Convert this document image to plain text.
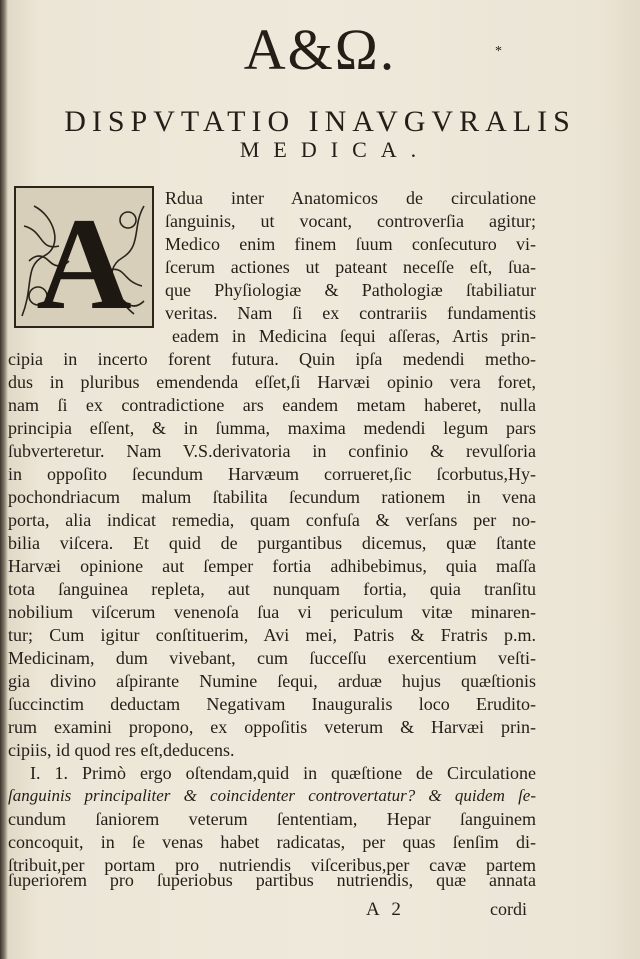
A&Ω.	*
DISPVTATIO INAVGVRALIS
MEDICA.
A Rdua inter Anatomicos de circulatione
ſanguinis, ut vocant, controverſia agitur;
Medico enim finem ſuum conſecuturo vi-
ſcerum actiones ut pateant neceſſe eſt, ſua-
que Phyſiologiæ & Pathologiæ ſtabiliatur
veritas. Nam ſi ex contrariis fundamentis
eadem in Medicina ſequi aſſeras, Artis prin-
cipia in incerto forent futura. Quin ipſa medendi metho-
dus in pluribus emendenda eſſet,ſi Harvæi opinio vera foret,
nam ſi ex contradictione ars eandem metam haberet, nulla
principia eſſent, & in ſumma, maxima medendi legum pars
ſubverteretur. Nam V.S.derivatoria in confinio & revulſoria
in oppoſito ſecundum Harvæum corrueret,ſic ſcorbutus,Hy-
pochondriacum malum ſtabilita ſecundum rationem in vena
porta, alia indicat remedia, quam confuſa & verſans per no-
bilia viſcera. Et quid de purgantibus dicemus, quæ ſtante
Harvæi opinione aut ſemper fortia adhibebimus, quia maſſa
tota ſanguinea repleta, aut nunquam fortia, quia tranſitu
nobilium viſcerum venenoſa ſua vi periculum vitæ minaren-
tur; Cum igitur conſtituerim, Avi mei, Patris & Fratris p.m.
Medicinam, dum vivebant, cum ſucceſſu exercentium veſti-
gia divino aſpirante Numine ſequi, arduæ hujus quæſtionis
ſuccinctim deductam Negativam Inauguralis loco Erudito-
rum examini propono, ex oppoſitis veterum & Harvæi prin-
cipiis, id quod res eſt,deducens.
I. 1. Primò ergo oſtendam,quid in quæſtione de Circulatione
ſanguinis principaliter & coincidenter controvertatur? & quidem ſe-
cundum ſaniorem veterum ſententiam, Hepar ſanguinem
concoquit, in ſe venas habet radicatas, per quas ſenſim di-
ſtribuit,per portam pro nutriendis viſceribus,per cavæ partem
ſuperiorem pro ſuperiobus partibus nutriendis, quæ annata
A 2	cordi
